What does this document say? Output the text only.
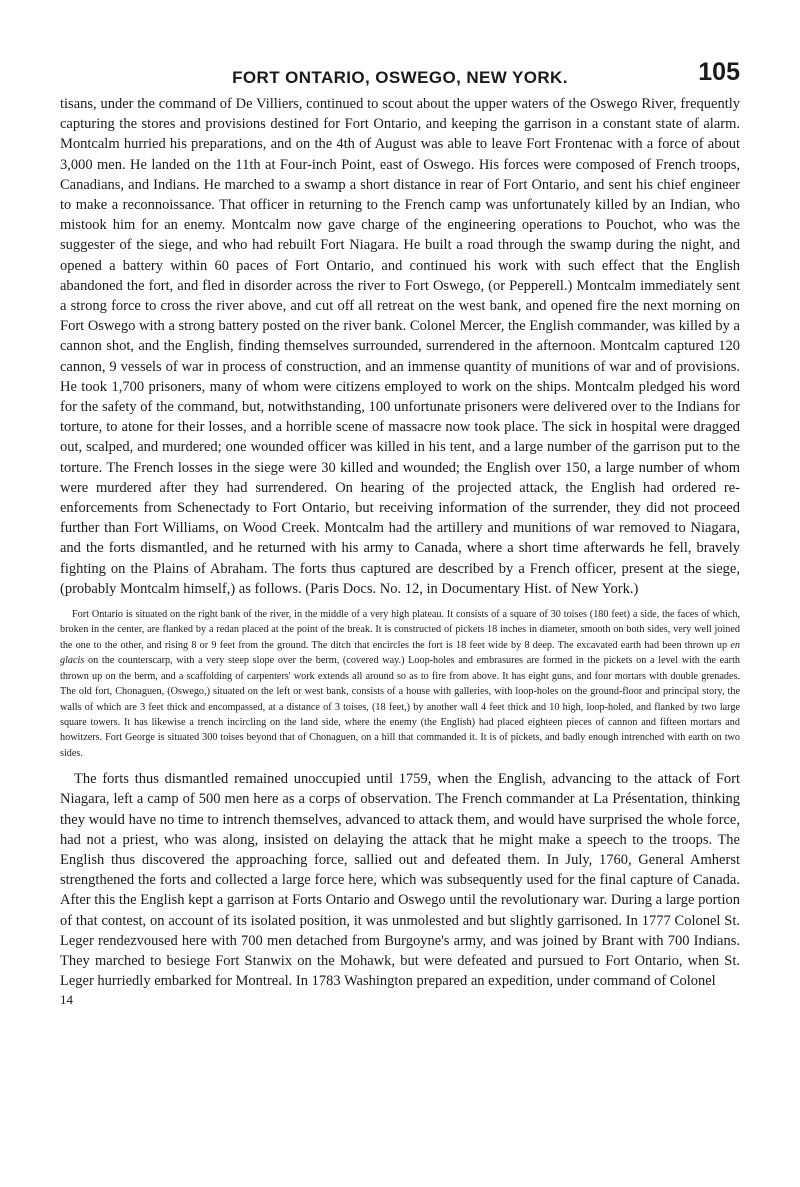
FORT ONTARIO, OSWEGO, NEW YORK.	105

tisans, under the command of De Villiers, continued to scout about the upper waters of the Oswego River, frequently capturing the stores and provisions destined for Fort Ontario, and keeping the garrison in a constant state of alarm. Montcalm hurried his preparations, and on the 4th of August was able to leave Fort Frontenac with a force of about 3,000 men. He landed on the 11th at Four-inch Point, east of Oswego. His forces were composed of French troops, Canadians, and Indians. He marched to a swamp a short distance in rear of Fort Ontario, and sent his chief engineer to make a reconnoissance. That officer in returning to the French camp was unfortunately killed by an Indian, who mistook him for an enemy. Montcalm now gave charge of the engineering operations to Pouchot, who was the suggester of the siege, and who had rebuilt Fort Niagara. He built a road through the swamp during the night, and opened a battery within 60 paces of Fort Ontario, and continued his work with such effect that the English abandoned the fort, and fled in disorder across the river to Fort Oswego, (or Pepperell.) Montcalm immediately sent a strong force to cross the river above, and cut off all retreat on the west bank, and opened fire the next morning on Fort Oswego with a strong battery posted on the river bank. Colonel Mercer, the English commander, was killed by a cannon shot, and the English, finding themselves surrounded, surrendered in the afternoon. Montcalm captured 120 cannon, 9 vessels of war in process of construction, and an immense quantity of munitions of war and of provisions. He took 1,700 prisoners, many of whom were citizens employed to work on the ships. Montcalm pledged his word for the safety of the command, but, notwithstanding, 100 unfortunate prisoners were delivered over to the Indians for torture, to atone for their losses, and a horrible scene of massacre now took place. The sick in hospital were dragged out, scalped, and murdered; one wounded officer was killed in his tent, and a large number of the garrison put to the torture. The French losses in the siege were 30 killed and wounded; the English over 150, a large number of whom were murdered after they had surrendered. On hearing of the projected attack, the English had ordered re-enforcements from Schenectady to Fort Ontario, but receiving information of the surrender, they did not proceed further than Fort Williams, on Wood Creek. Montcalm had the artillery and munitions of war removed to Niagara, and the forts dismantled, and he returned with his army to Canada, where a short time afterwards he fell, bravely fighting on the Plains of Abraham. The forts thus captured are described by a French officer, present at the siege, (probably Montcalm himself,) as follows. (Paris Docs. No. 12, in Documentary Hist. of New York.)

Fort Ontario is situated on the right bank of the river, in the middle of a very high plateau. It consists of a square of 30 toises (180 feet) a side, the faces of which, broken in the center, are flanked by a redan placed at the point of the break. It is constructed of pickets 18 inches in diameter, smooth on both sides, very well joined the one to the other, and rising 8 or 9 feet from the ground. The ditch that encircles the fort is 18 feet wide by 8 deep. The excavated earth had been thrown up en glacis on the counterscarp, with a very steep slope over the berm, (covered way.) Loop-holes and embrasures are formed in the pickets on a level with the earth thrown up on the berm, and a scaffolding of carpenters' work extends all around so as to fire from above. It has eight guns, and four mortars with double grenades. The old fort, Chonaguen, (Oswego,) situated on the left or west bank, consists of a house with galleries, with loop-holes on the ground-floor and principal story, the walls of which are 3 feet thick and encompassed, at a distance of 3 toises, (18 feet,) by another wall 4 feet thick and 10 high, loop-holed, and flanked by two large square towers. It has likewise a trench incircling on the land side, where the enemy (the English) had placed eighteen pieces of cannon and fifteen mortars and howitzers. Fort George is situated 300 toises beyond that of Chonaguen, on a hill that commanded it. It is of pickets, and badly enough intrenched with earth on two sides.

The forts thus dismantled remained unoccupied until 1759, when the English, advancing to the attack of Fort Niagara, left a camp of 500 men here as a corps of observation. The French commander at La Présentation, thinking they would have no time to intrench themselves, advanced to attack them, and would have surprised the whole force, had not a priest, who was along, insisted on delaying the attack that he might make a speech to the troops. The English thus discovered the approaching force, sallied out and defeated them. In July, 1760, General Amherst strengthened the forts and collected a large force here, which was subsequently used for the final capture of Canada. After this the English kept a garrison at Forts Ontario and Oswego until the revolutionary war. During a large portion of that contest, on account of its isolated position, it was unmolested and but slightly garrisoned. In 1777 Colonel St. Leger rendezvoused here with 700 men detached from Burgoyne's army, and was joined by Brant with 700 Indians. They marched to besiege Fort Stanwix on the Mohawk, but were defeated and pursued to Fort Ontario, when St. Leger hurriedly embarked for Montreal. In 1783 Washington prepared an expedition, under command of Colonel

14
